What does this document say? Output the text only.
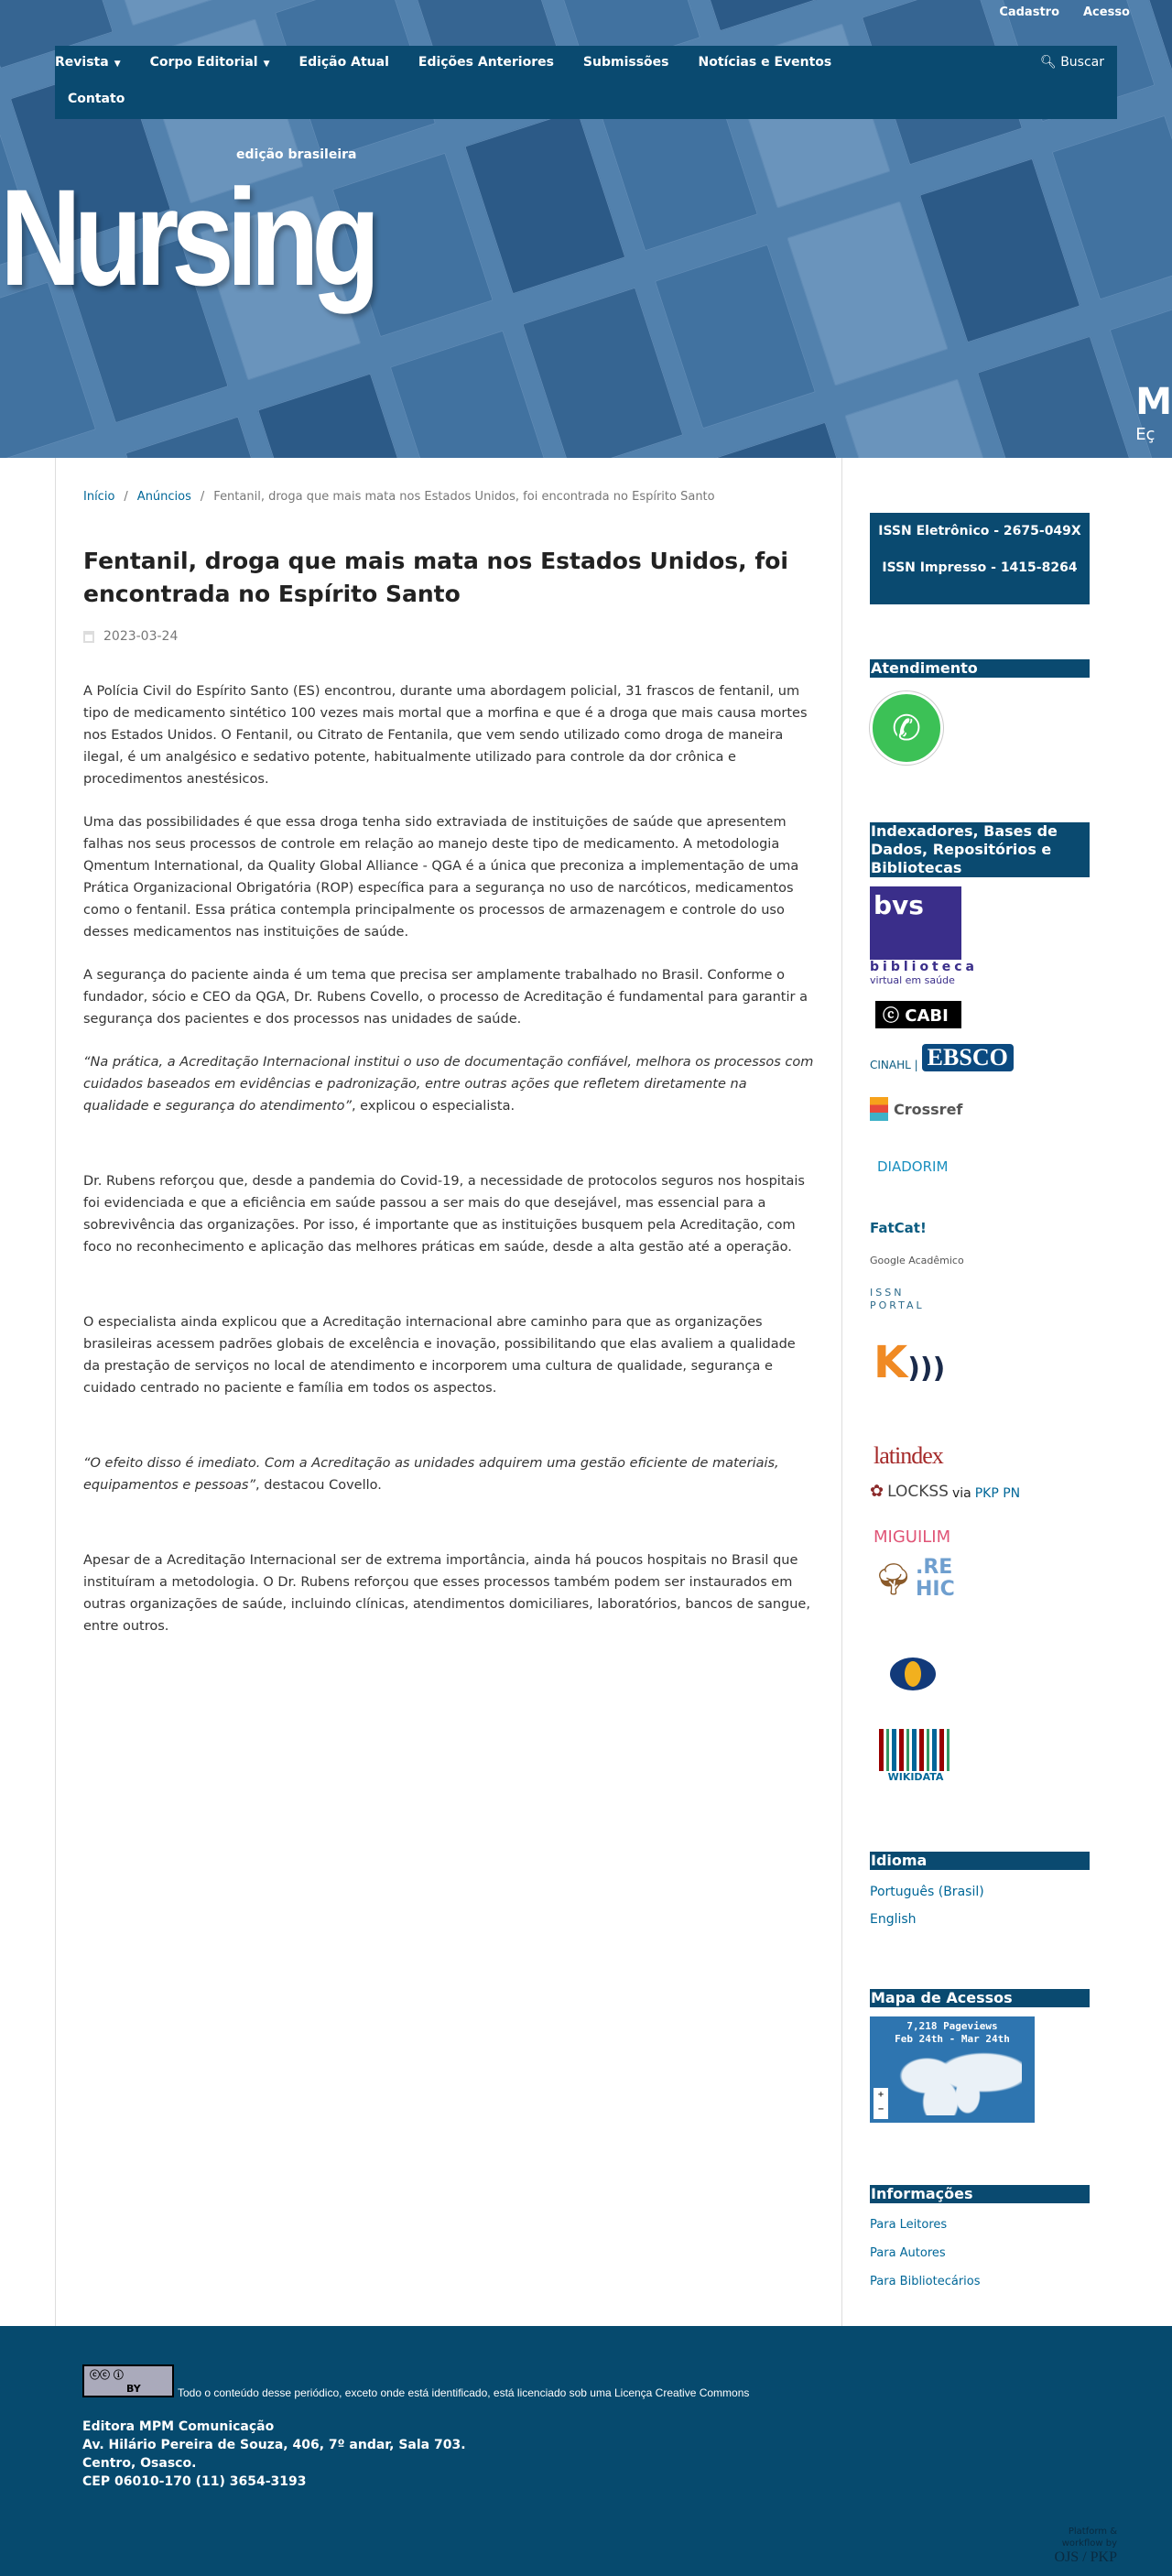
Cadastro Acesso
Revista ▼ Corpo Editorial ▼ Edição Atual Edições Anteriores Submissões Notícias e Eventos
Contato
🔍︎ Buscar
edição brasileira
Nursing
M
Eç
Início / Anúncios / Fentanil, droga que mais mata nos Estados Unidos, foi encontrada no Espírito Santo
Fentanil, droga que mais mata nos Estados Unidos, foi encontrada no Espírito Santo
2023-03-24

A Polícia Civil do Espírito Santo (ES) encontrou, durante uma abordagem policial, 31 frascos de fentanil, um tipo de medicamento sintético 100 vezes mais mortal que a morfina e que é a droga que mais causa mortes nos Estados Unidos. O Fentanil, ou Citrato de Fentanila, que vem sendo utilizado como droga de maneira ilegal, é um analgésico e sedativo potente, habitualmente utilizado para controle da dor crônica e procedimentos anestésicos.

Uma das possibilidades é que essa droga tenha sido extraviada de instituições de saúde que apresentem falhas nos seus processos de controle em relação ao manejo deste tipo de medicamento. A metodologia Qmentum International, da Quality Global Alliance - QGA é a única que preconiza a implementação de uma Prática Organizacional Obrigatória (ROP) específica para a segurança no uso de narcóticos, medicamentos como o fentanil. Essa prática contempla principalmente os processos de armazenagem e controle do uso desses medicamentos nas instituições de saúde.

A segurança do paciente ainda é um tema que precisa ser amplamente trabalhado no Brasil. Conforme o fundador, sócio e CEO da QGA, Dr. Rubens Covello, o processo de Acreditação é fundamental para garantir a segurança dos pacientes e dos processos nas unidades de saúde.

“Na prática, a Acreditação Internacional institui o uso de documentação confiável, melhora os processos com cuidados baseados em evidências e padronização, entre outras ações que refletem diretamente na qualidade e segurança do atendimento”, explicou o especialista.

Dr. Rubens reforçou que, desde a pandemia do Covid-19, a necessidade de protocolos seguros nos hospitais foi evidenciada e que a eficiência em saúde passou a ser mais do que desejável, mas essencial para a sobrevivência das organizações. Por isso, é importante que as instituições busquem pela Acreditação, com foco no reconhecimento e aplicação das melhores práticas em saúde, desde a alta gestão até a operação.

O especialista ainda explicou que a Acreditação internacional abre caminho para que as organizações brasileiras acessem padrões globais de excelência e inovação, possibilitando que elas avaliem a qualidade da prestação de serviços no local de atendimento e incorporem uma cultura de qualidade, segurança e cuidado centrado no paciente e família em todos os aspectos.

“O efeito disso é imediato. Com a Acreditação as unidades adquirem uma gestão eficiente de materiais, equipamentos e pessoas”, destacou Covello.

Apesar de a Acreditação Internacional ser de extrema importância, ainda há poucos hospitais no Brasil que instituíram a metodologia. O Dr. Rubens reforçou que esses processos também podem ser instaurados em outras organizações de saúde, incluindo clínicas, atendimentos domiciliares, laboratórios, bancos de sangue, entre outros.

ISSN Eletrônico - 2675-049X
ISSN Impresso - 1415-8264
Atendimento
✆
Indexadores, Bases de Dados, Repositórios e Bibliotecas
bvs
biblioteca
virtual em saúde
ⓒ CABI
CINAHL | EBSCO
Crossref
DIADORIM
FatCat!
Google Acadêmico
ISSN PORTAL
K)))
latindex
✿ LOCKSS via PKP PN
MIGUILIM
.RE HIC
🌳︎
WIKIDATA
Idioma
Português (Brasil)
English
Mapa de Acessos
7,218 Pageviews
Feb 24th - Mar 24th
+
−
Informações
Para Leitores
Para Autores
Para Bibliotecários
ⓒⓒ ⓘ
BY	Todo o conteúdo desse periódico, exceto onde está identificado, está licenciado sob uma Licença Creative Commons
Editora MPM Comunicação
Av. Hilário Pereira de Souza, 406, 7º andar, Sala 703.
Centro, Osasco.
CEP 06010-170 (11) 3654-3193
Platform &
workflow by
OJS / PKP
